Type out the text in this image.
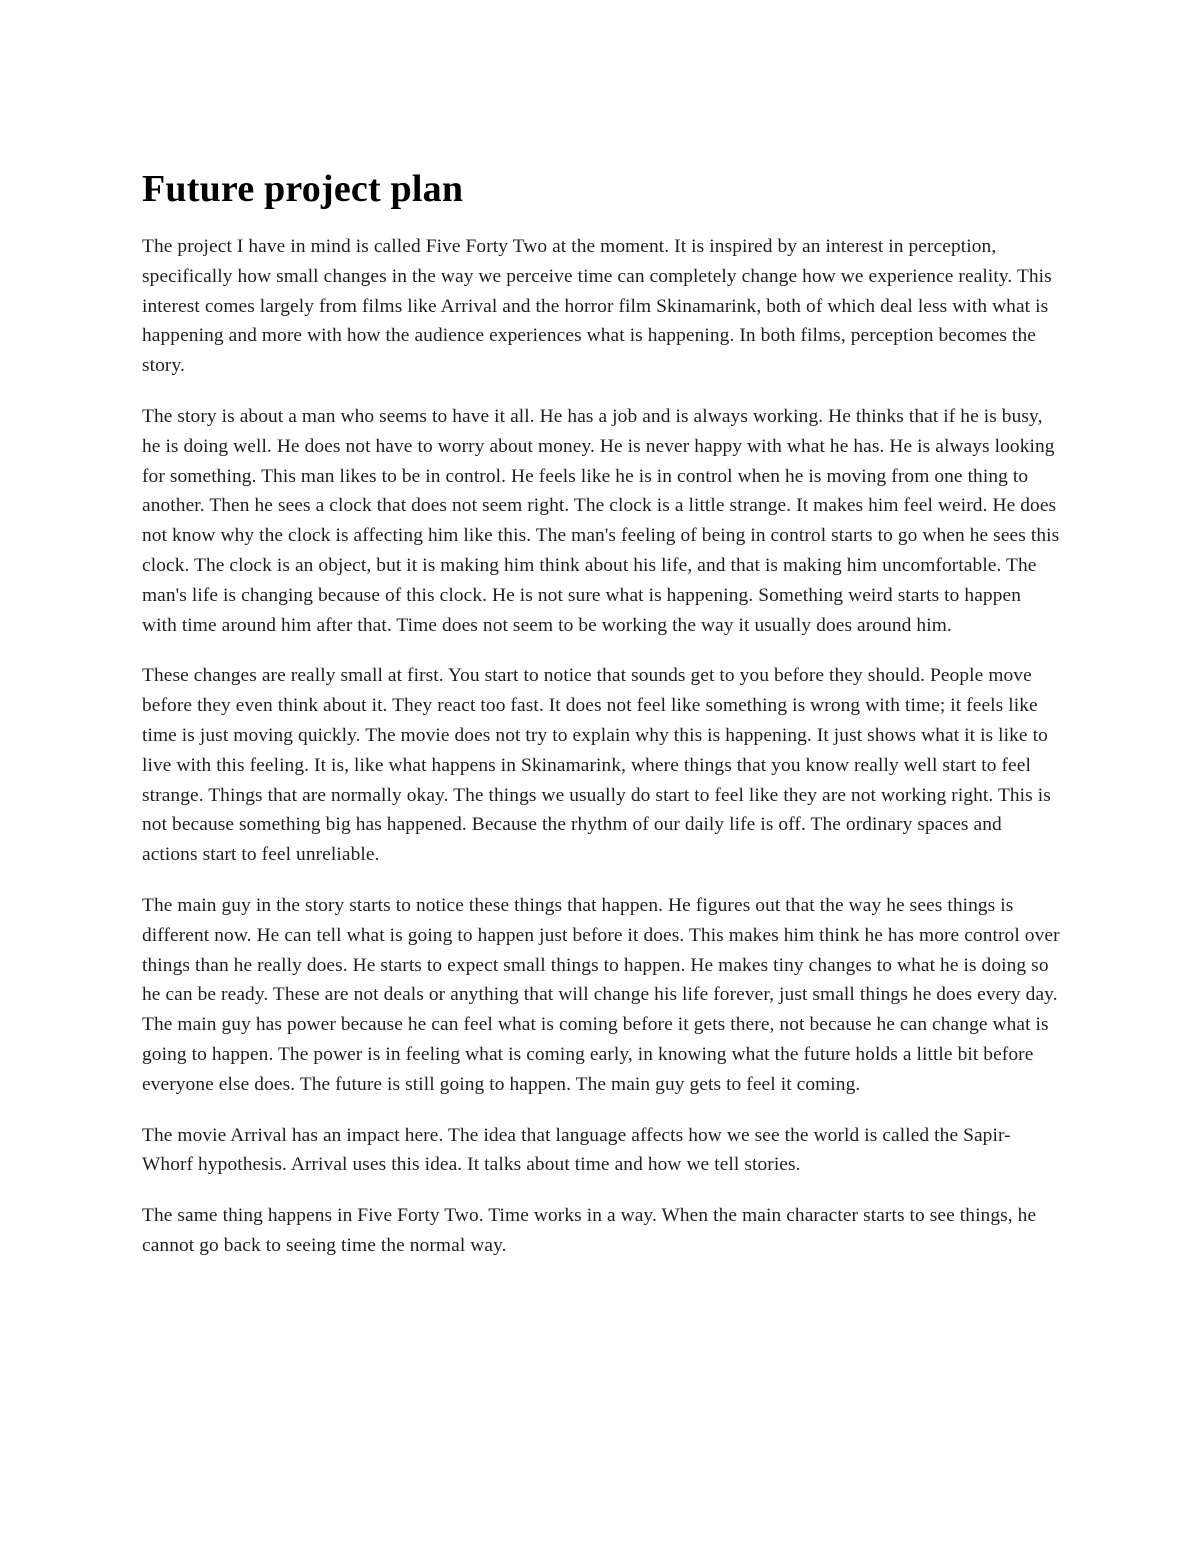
Future project plan

The project I have in mind is called Five Forty Two at the moment. It is inspired by an interest in perception, specifically how small changes in the way we perceive time can completely change how we experience reality. This interest comes largely from films like Arrival and the horror film Skinamarink, both of which deal less with what is happening and more with how the audience experiences what is happening. In both films, perception becomes the story.

The story is about a man who seems to have it all. He has a job and is always working. He thinks that if he is busy, he is doing well. He does not have to worry about money. He is never happy with what he has. He is always looking for something. This man likes to be in control. He feels like he is in control when he is moving from one thing to another. Then he sees a clock that does not seem right. The clock is a little strange. It makes him feel weird. He does not know why the clock is affecting him like this. The man's feeling of being in control starts to go when he sees this clock. The clock is an object, but it is making him think about his life, and that is making him uncomfortable. The man's life is changing because of this clock. He is not sure what is happening. Something weird starts to happen with time around him after that. Time does not seem to be working the way it usually does around him.

These changes are really small at first. You start to notice that sounds get to you before they should. People move before they even think about it. They react too fast. It does not feel like something is wrong with time; it feels like time is just moving quickly. The movie does not try to explain why this is happening. It just shows what it is like to live with this feeling. It is, like what happens in Skinamarink, where things that you know really well start to feel strange. Things that are normally okay. The things we usually do start to feel like they are not working right. This is not because something big has happened. Because the rhythm of our daily life is off. The ordinary spaces and actions start to feel unreliable.

The main guy in the story starts to notice these things that happen. He figures out that the way he sees things is different now. He can tell what is going to happen just before it does. This makes him think he has more control over things than he really does. He starts to expect small things to happen. He makes tiny changes to what he is doing so he can be ready. These are not deals or anything that will change his life forever, just small things he does every day. The main guy has power because he can feel what is coming before it gets there, not because he can change what is going to happen. The power is in feeling what is coming early, in knowing what the future holds a little bit before everyone else does. The future is still going to happen. The main guy gets to feel it coming.

The movie Arrival has an impact here. The idea that language affects how we see the world is called the Sapir-Whorf hypothesis. Arrival uses this idea. It talks about time and how we tell stories.

The same thing happens in Five Forty Two. Time works in a way. When the main character starts to see things, he cannot go back to seeing time the normal way.
